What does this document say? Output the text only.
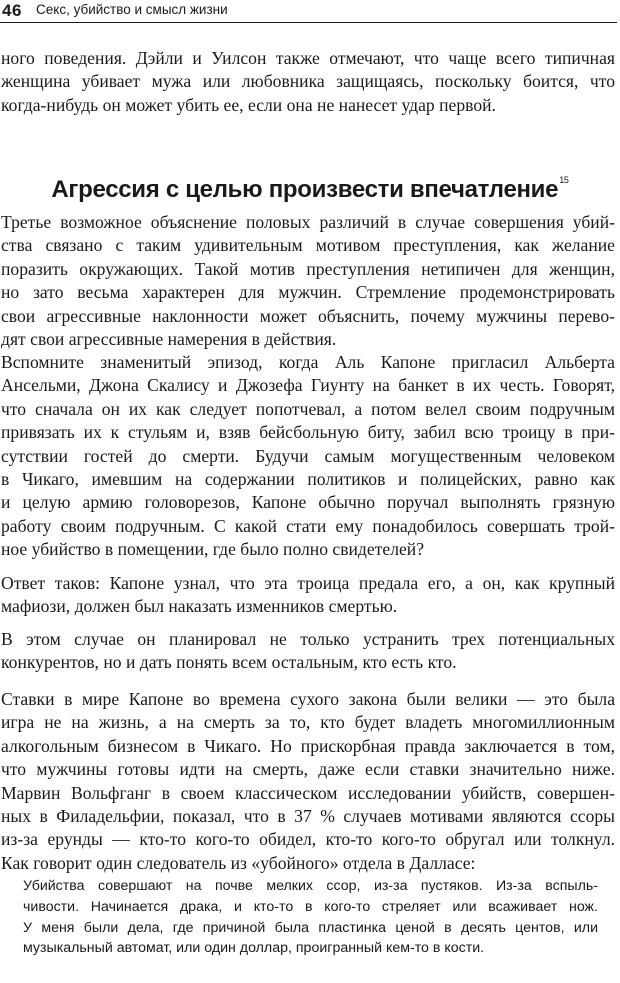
46 Секс, убийство и смысл жизни

ного поведения. Дэйли и Уилсон также отмечают, что чаще всего типичная
женщина убивает мужа или любовника защищаясь, поскольку боится, что
когда-нибудь он может убить ее, если она не нанесет удар первой.

Агрессия с целью произвести впечатление$^{15}$

Третье возможное объяснение половых различий в случае совершения убий-
ства связано с таким удивительным мотивом преступления, как желание
поразить окружающих. Такой мотив преступления нетипичен для женщин,
но зато весьма характерен для мужчин. Стремление продемонстрировать
свои агрессивные наклонности может объяснить, почему мужчины перево-
дят свои агрессивные намерения в действия.

Вспомните знаменитый эпизод, когда Аль Капоне пригласил Альберта
Ансельми, Джона Скалису и Джозефа Гиунту на банкет в их честь. Говорят,
что сначала он их как следует попотчевал, а потом велел своим подручным
привязать их к стульям и, взяв бейсбольную биту, забил всю троицу в при-
сутствии гостей до смерти. Будучи самым могущественным человеком
в Чикаго, имевшим на содержании политиков и полицейских, равно как
и целую армию головорезов, Капоне обычно поручал выполнять грязную
работу своим подручным. С какой стати ему понадобилось совершать трой-
ное убийство в помещении, где было полно свидетелей?

Ответ таков: Капоне узнал, что эта троица предала его, а он, как крупный
мафиози, должен был наказать изменников смертью.

В этом случае он планировал не только устранить трех потенциальных
конкурентов, но и дать понять всем остальным, кто есть кто.

Ставки в мире Капоне во времена сухого закона были велики — это была
игра не на жизнь, а на смерть за то, кто будет владеть многомиллионным
алкогольным бизнесом в Чикаго. Но прискорбная правда заключается в том,
что мужчины готовы идти на смерть, даже если ставки значительно ниже.
Марвин Вольфганг в своем классическом исследовании убийств, совершен-
ных в Филадельфии, показал, что в 37 % случаев мотивами являются ссоры
из-за ерунды — кто-то кого-то обидел, кто-то кого-то обругал или толкнул.
Как говорит один следователь из «убойного» отдела в Далласе:

Убийства совершают на почве мелких ссор, из-за пустяков. Из-за вспыль-
чивости. Начинается драка, и кто-то в кого-то стреляет или всаживает нож.
У меня были дела, где причиной была пластинка ценой в десять центов, или
музыкальный автомат, или один доллар, проигранный кем-то в кости.
